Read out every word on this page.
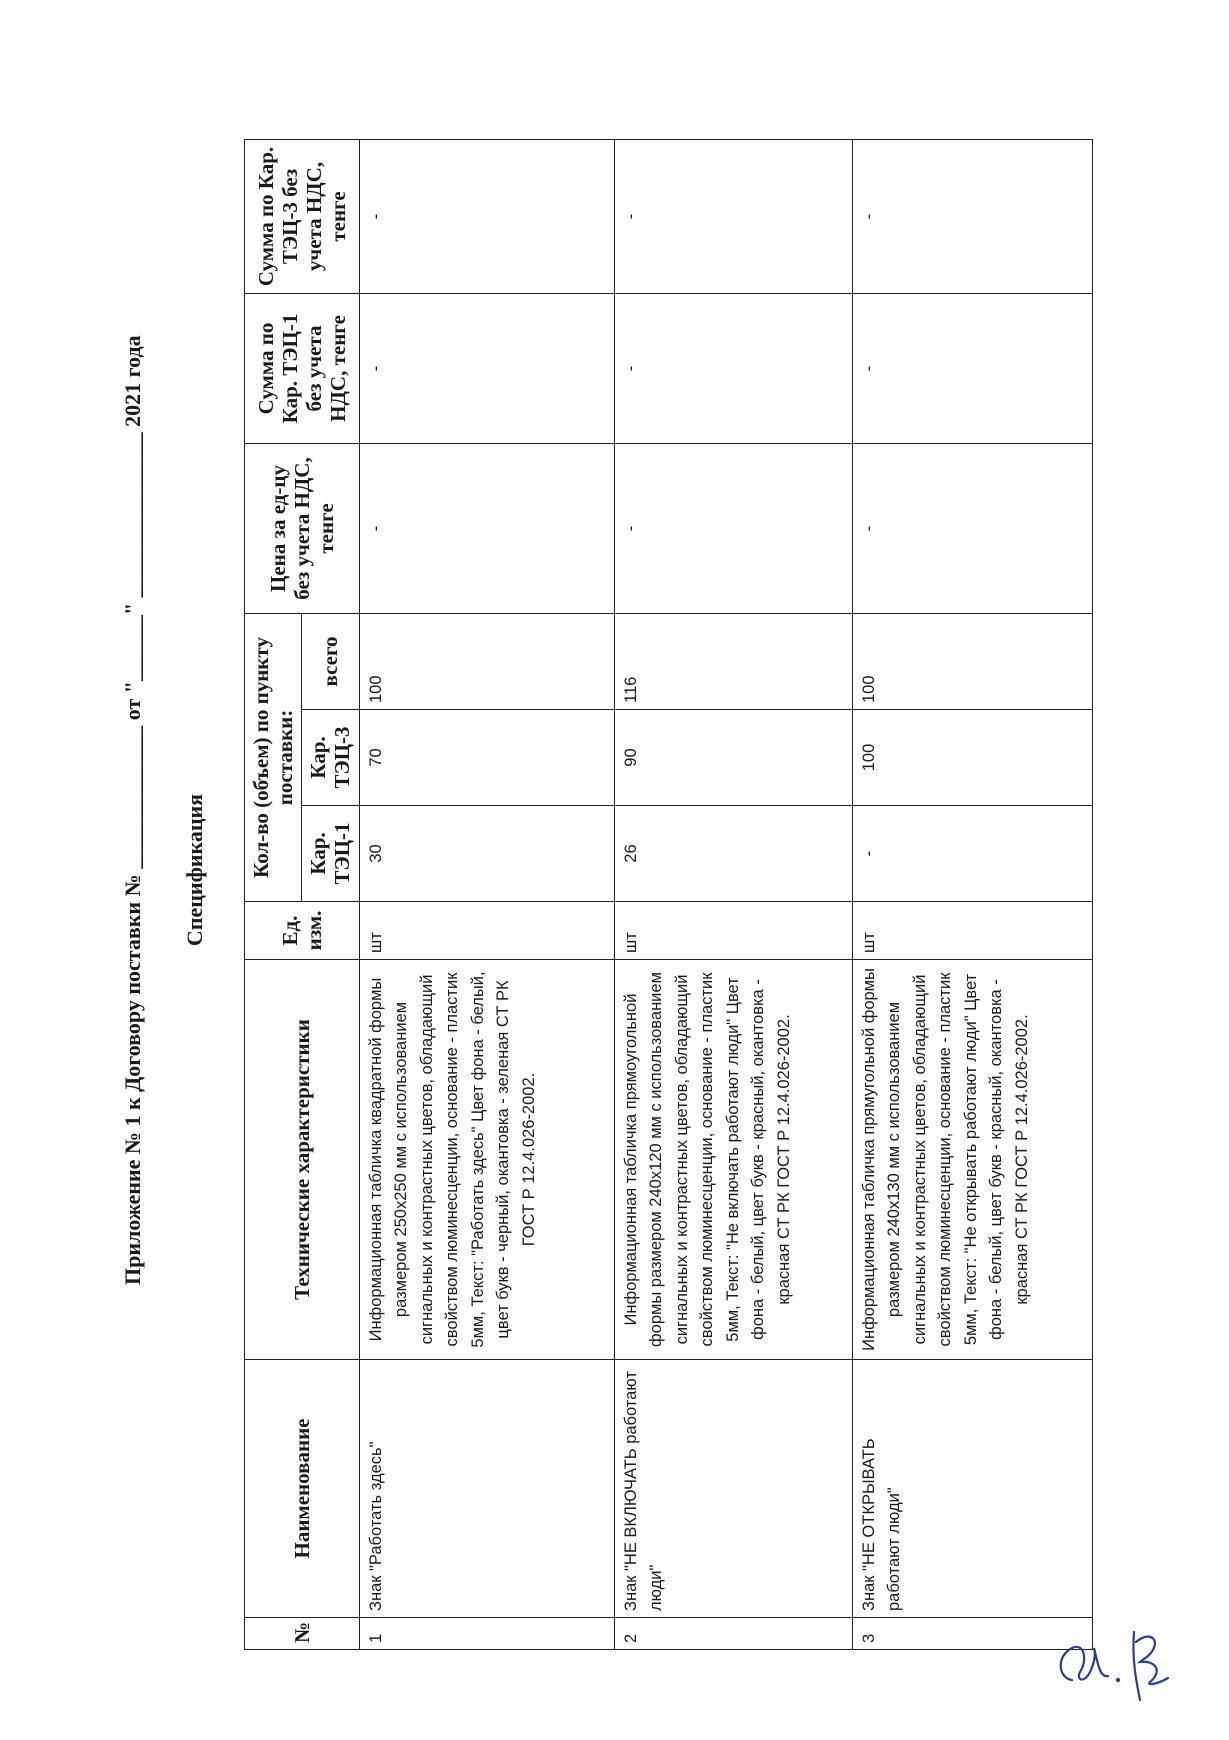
Приложение № 1 к Договору поставки № _____________ от "______" _______________ 2021 года
Спецификация
№	Наименование	Технические характеристики	Ед. изм.	Кол-во (объем) по пункту поставки:			Цена за ед-цу без учета НДС, тенге	Сумма по Кар. ТЭЦ-1 без учета НДС, тенге	Сумма по Кар. ТЭЦ-3 без учета НДС, тенге
				Кар. ТЭЦ-1	Кар. ТЭЦ-3	всего			
1	Знак "Работать здесь"	Информационная табличка квадратной формы размером 250х250 мм с использованием сигнальных и контрастных цветов, обладающий свойством люминесценции, основание - пластик 5мм, Текст: "Работать здесь" Цвет фона - белый, цвет букв - черный, окантовка - зеленая СТ РК ГОСТ Р 12.4.026-2002.	шт	30	70	100	-	-	-
2	Знак "НЕ ВКЛЮЧАТЬ работают люди"	Информационная табличка прямоугольной формы размером 240х120 мм с использованием сигнальных и контрастных цветов, обладающий свойством люминесценции, основание - пластик 5мм, Текст: "Не включать работают люди" Цвет фона - белый, цвет букв - красный, окантовка - красная СТ РК ГОСТ Р 12.4.026-2002.	шт	26	90	116	-	-	-
3	Знак "НЕ ОТКРЫВАТЬ работают люди"	Информационная табличка прямугольной формы размером 240х130 мм с использованием сигнальных и контрастных цветов, обладающий свойством люминесценции, основание - пластик 5мм, Текст: "Не открывать работают люди" Цвет фона - белый, цвет букв - красный, окантовка - красная СТ РК ГОСТ Р 12.4.026-2002.	шт	-	100	100	-	-	-
